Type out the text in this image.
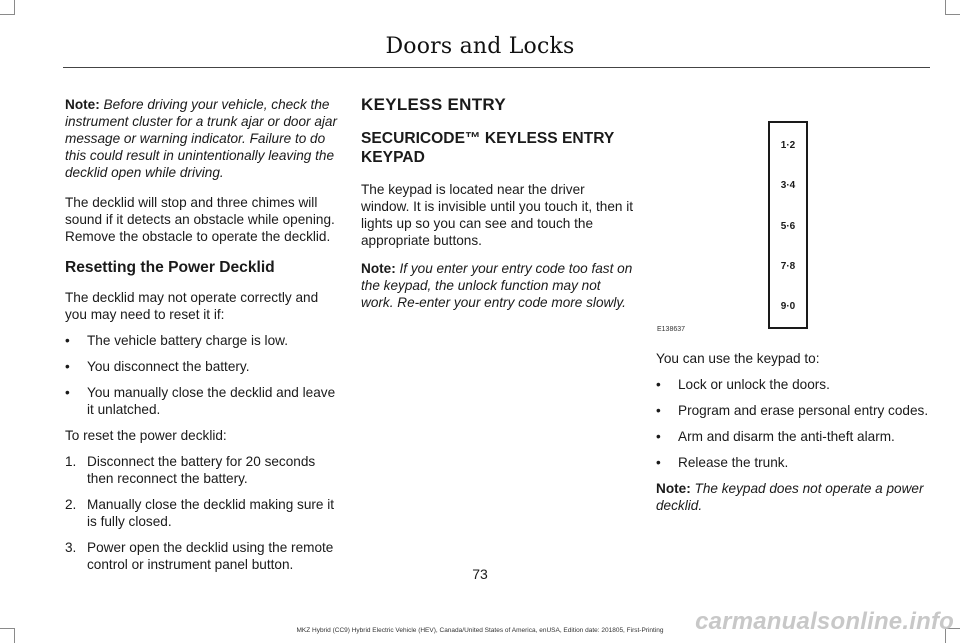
Doors and Locks

Note: Before driving your vehicle, check the instrument cluster for a trunk ajar or door ajar message or warning indicator. Failure to do this could result in unintentionally leaving the decklid open while driving.

The decklid will stop and three chimes will sound if it detects an obstacle while opening. Remove the obstacle to operate the decklid.

Resetting the Power Decklid

The decklid may not operate correctly and you may need to reset it if:

• The vehicle battery charge is low.
• You disconnect the battery.
• You manually close the decklid and leave it unlatched.

To reset the power decklid:

1. Disconnect the battery for 20 seconds then reconnect the battery.
2. Manually close the decklid making sure it is fully closed.
3. Power open the decklid using the remote control or instrument panel button.

KEYLESS ENTRY

SECURICODE™ KEYLESS ENTRY KEYPAD

The keypad is located near the driver window. It is invisible until you touch it, then it lights up so you can see and touch the appropriate buttons.

Note: If you enter your entry code too fast on the keypad, the unlock function may not work. Re-enter your entry code more slowly.

1·2
3·4
5·6
7·8
9·0
E138637

You can use the keypad to:

• Lock or unlock the doors.
• Program and erase personal entry codes.
• Arm and disarm the anti-theft alarm.
• Release the trunk.

Note: The keypad does not operate a power decklid.

73
MKZ Hybrid (CC9) Hybrid Electric Vehicle (HEV), Canada/United States of America, enUSA, Edition date: 201805, First-Printing	carmanualsonline.info
